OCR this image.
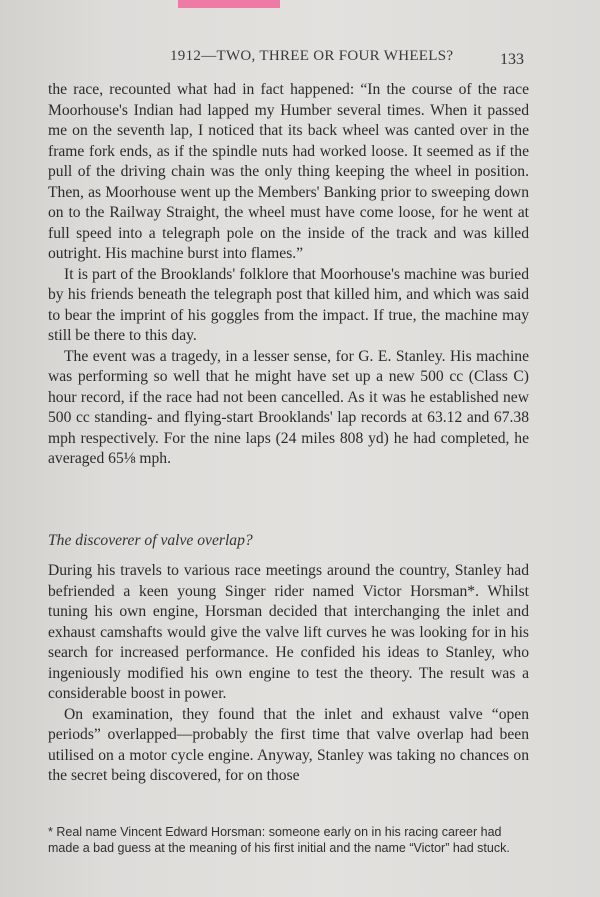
1912—TWO, THREE OR FOUR WHEELS?	133

the race, recounted what had in fact happened: “In the course of the race Moorhouse's Indian had lapped my Humber several times. When it passed me on the seventh lap, I noticed that its back wheel was canted over in the frame fork ends, as if the spindle nuts had worked loose. It seemed as if the pull of the driving chain was the only thing keeping the wheel in position. Then, as Moorhouse went up the Members' Banking prior to sweeping down on to the Railway Straight, the wheel must have come loose, for he went at full speed into a telegraph pole on the inside of the track and was killed outright. His machine burst into flames.”

It is part of the Brooklands' folklore that Moorhouse's machine was buried by his friends beneath the telegraph post that killed him, and which was said to bear the imprint of his goggles from the impact. If true, the machine may still be there to this day.

The event was a tragedy, in a lesser sense, for G. E. Stanley. His machine was performing so well that he might have set up a new 500 cc (Class C) hour record, if the race had not been cancelled. As it was he established new 500 cc standing- and flying-start Brooklands' lap records at 63.12 and 67.38 mph respectively. For the nine laps (24 miles 808 yd) he had completed, he averaged 65⅛ mph.

The discoverer of valve overlap?

During his travels to various race meetings around the country, Stanley had befriended a keen young Singer rider named Victor Horsman*. Whilst tuning his own engine, Horsman decided that interchanging the inlet and exhaust camshafts would give the valve lift curves he was looking for in his search for increased performance. He confided his ideas to Stanley, who ingeniously modified his own engine to test the theory. The result was a considerable boost in power.

On examination, they found that the inlet and exhaust valve “open periods” overlapped—probably the first time that valve overlap had been utilised on a motor cycle engine. Anyway, Stanley was taking no chances on the secret being discovered, for on those

* Real name Vincent Edward Horsman: someone early on in his racing career had made a bad guess at the meaning of his first initial and the name “Victor” had stuck.
